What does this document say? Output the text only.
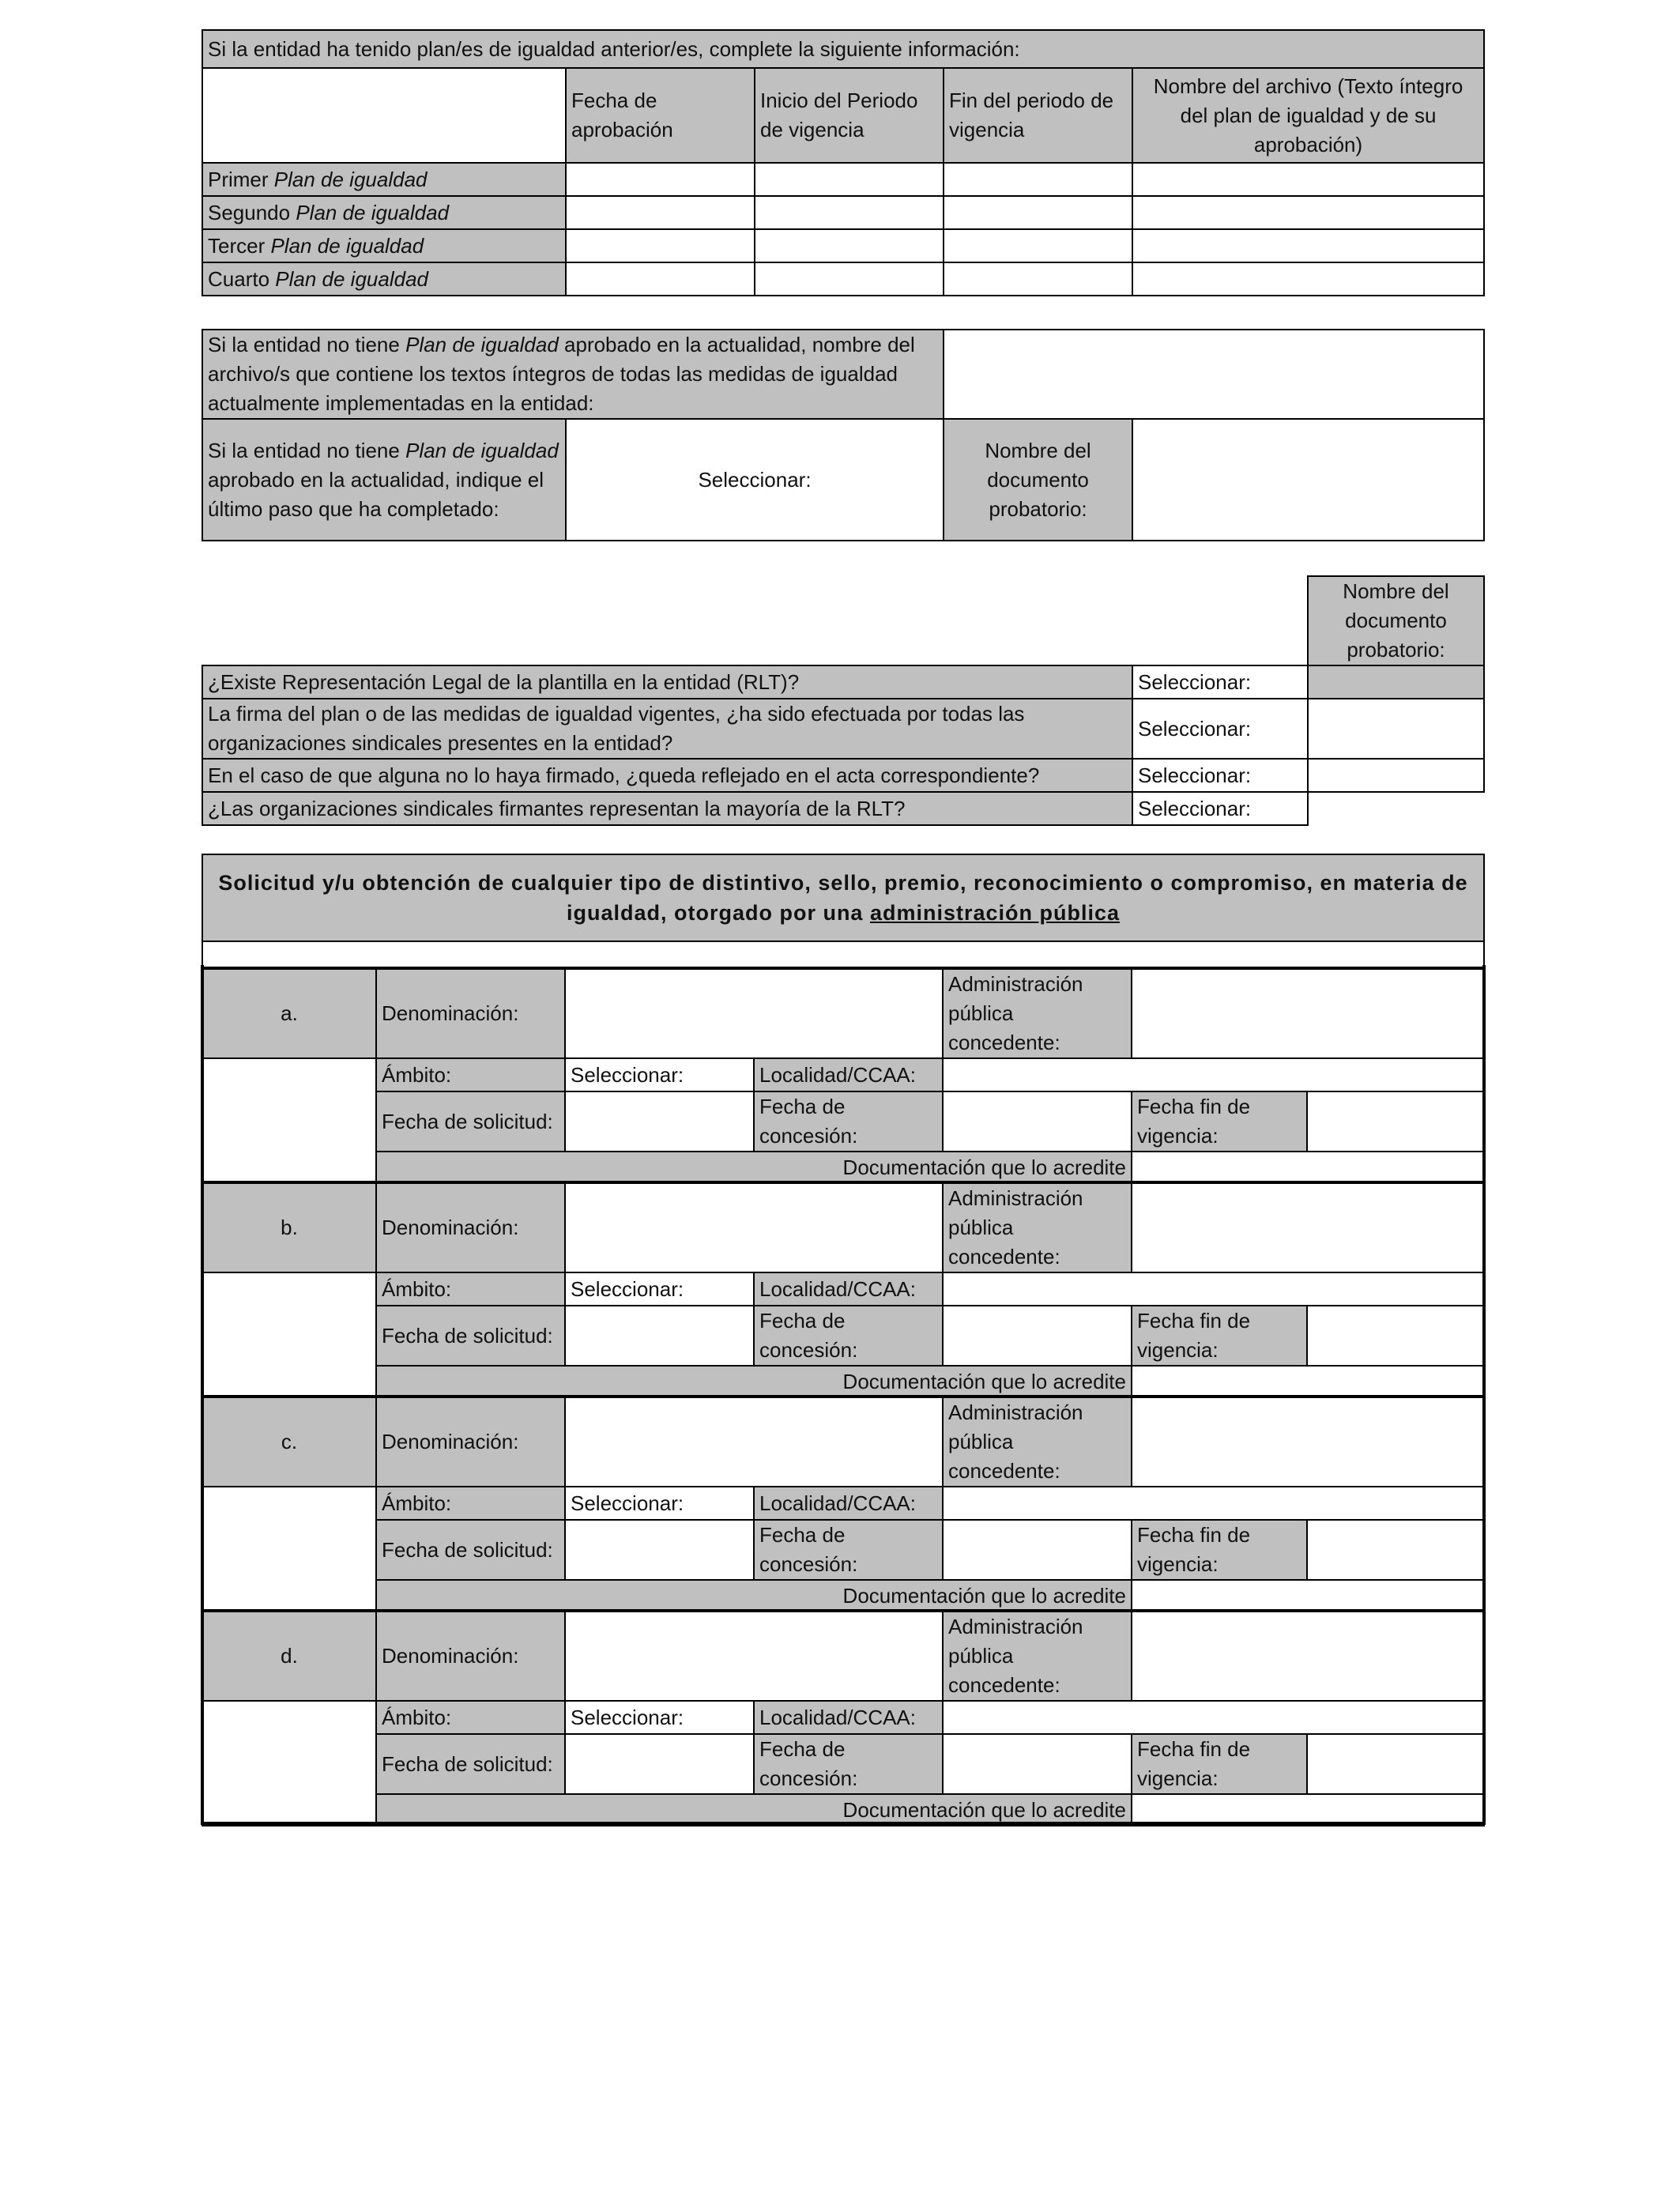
Si la entidad ha tenido plan/es de igualdad anterior/es, complete la siguiente información:				
	Fecha de aprobación	Inicio del Periodo de vigencia	Fin del periodo de vigencia	Nombre del archivo (Texto íntegro del plan de igualdad y de su aprobación)
Primer Plan de igualdad				
Segundo Plan de igualdad				
Tercer Plan de igualdad				
Cuarto Plan de igualdad				
Si la entidad no tiene Plan de igualdad aprobado en la actualidad, nombre del archivo/s que contiene los textos íntegros de todas las medidas de igualdad actualmente implementadas en la entidad:			
Si la entidad no tiene Plan de igualdad aprobado en la actualidad, indique el último paso que ha completado:	Seleccionar:	Nombre del documento probatorio:	
		Nombre del documento probatorio:
¿Existe Representación Legal de la plantilla en la entidad (RLT)?	Seleccionar:	
La firma del plan o de las medidas de igualdad vigentes, ¿ha sido efectuada por todas las organizaciones sindicales presentes en la entidad?	Seleccionar:	
En el caso de que alguna no lo haya firmado, ¿queda reflejado en el acta correspondiente?	Seleccionar:	
¿Las organizaciones sindicales firmantes representan la mayoría de la RLT?	Seleccionar:	
Solicitud y/u obtención de cualquier tipo de distintivo, sello, premio, reconocimiento o compromiso, en materia de igualdad, otorgado por una administración pública

a.	Denominación:			Administración pública concedente:		
	Ámbito:	Seleccionar:	Localidad/CCAA:			
	Fecha de solicitud:		Fecha de concesión:		Fecha fin de vigencia:	
	Documentación que lo acredite					
b.	Denominación:			Administración pública concedente:		
	Ámbito:	Seleccionar:	Localidad/CCAA:			
	Fecha de solicitud:		Fecha de concesión:		Fecha fin de vigencia:	
	Documentación que lo acredite					
c.	Denominación:			Administración pública concedente:		
	Ámbito:	Seleccionar:	Localidad/CCAA:			
	Fecha de solicitud:		Fecha de concesión:		Fecha fin de vigencia:	
	Documentación que lo acredite					
d.	Denominación:			Administración pública concedente:		
	Ámbito:	Seleccionar:	Localidad/CCAA:			
	Fecha de solicitud:		Fecha de concesión:		Fecha fin de vigencia:	
	Documentación que lo acredite					
